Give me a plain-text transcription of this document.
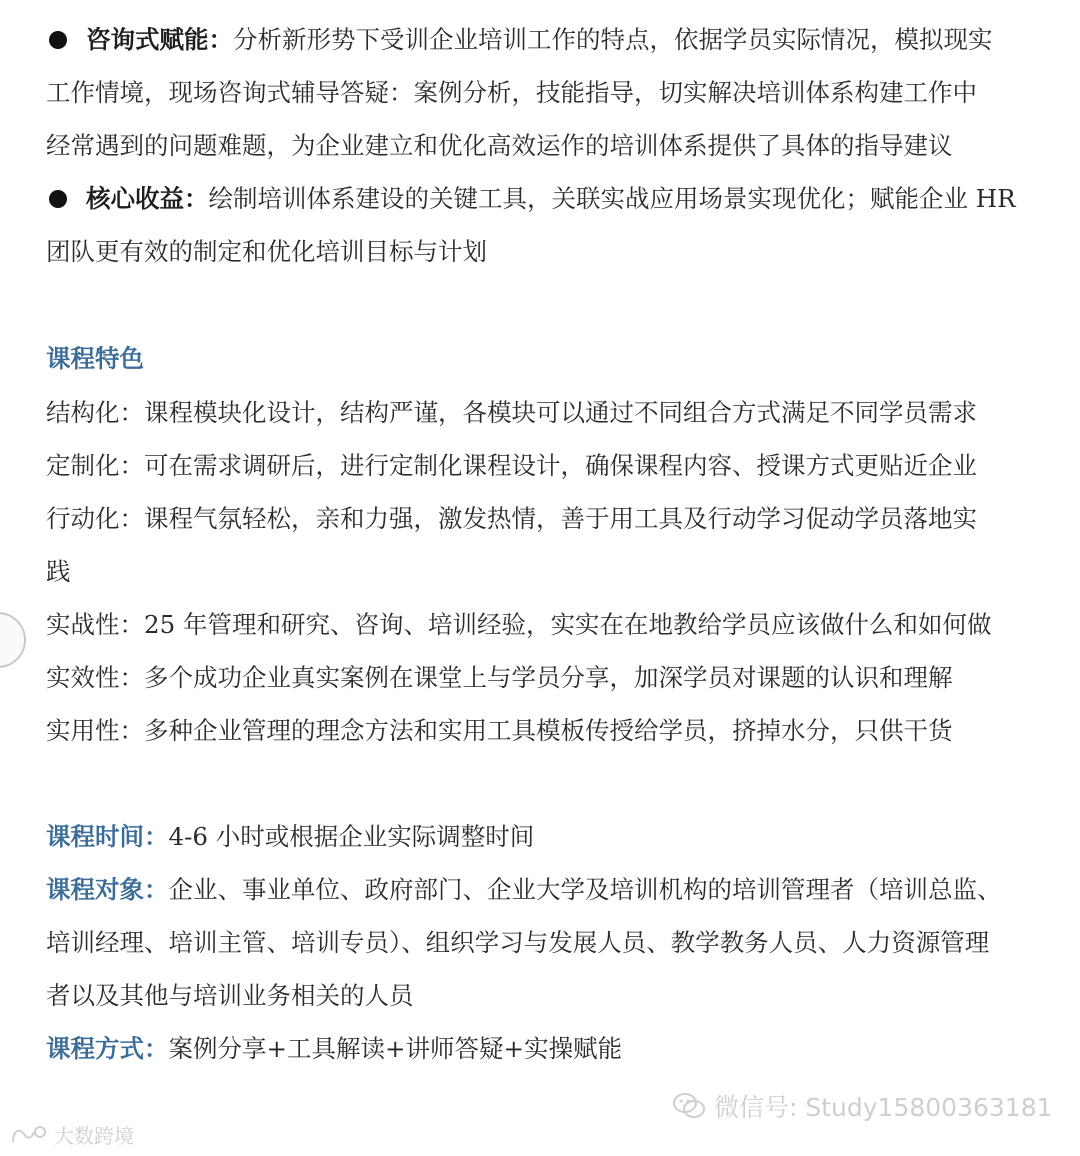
咨询式赋能：分析新形势下受训企业培训工作的特点，依据学员实际情况，模拟现实
工作情境，现场咨询式辅导答疑：案例分析，技能指导，切实解决培训体系构建工作中
经常遇到的问题难题，为企业建立和优化高效运作的培训体系提供了具体的指导建议
核心收益：绘制培训体系建设的关键工具，关联实战应用场景实现优化；赋能企业 HR
团队更有效的制定和优化培训目标与计划
课程特色
结构化：课程模块化设计，结构严谨，各模块可以通过不同组合方式满足不同学员需求
定制化：可在需求调研后，进行定制化课程设计，确保课程内容、授课方式更贴近企业
行动化：课程气氛轻松，亲和力强，激发热情，善于用工具及行动学习促动学员落地实
践
实战性：25 年管理和研究、咨询、培训经验，实实在在地教给学员应该做什么和如何做
实效性：多个成功企业真实案例在课堂上与学员分享，加深学员对课题的认识和理解
实用性：多种企业管理的理念方法和实用工具模板传授给学员，挤掉水分，只供干货
课程时间：4-6 小时或根据企业实际调整时间
课程对象：企业、事业单位、政府部门、企业大学及培训机构的培训管理者（培训总监、
培训经理、培训主管、培训专员）、组织学习与发展人员、教学教务人员、人力资源管理
者以及其他与培训业务相关的人员
课程方式：案例分享+工具解读+讲师答疑+实操赋能
微信号: Study15800363181
大数跨境
